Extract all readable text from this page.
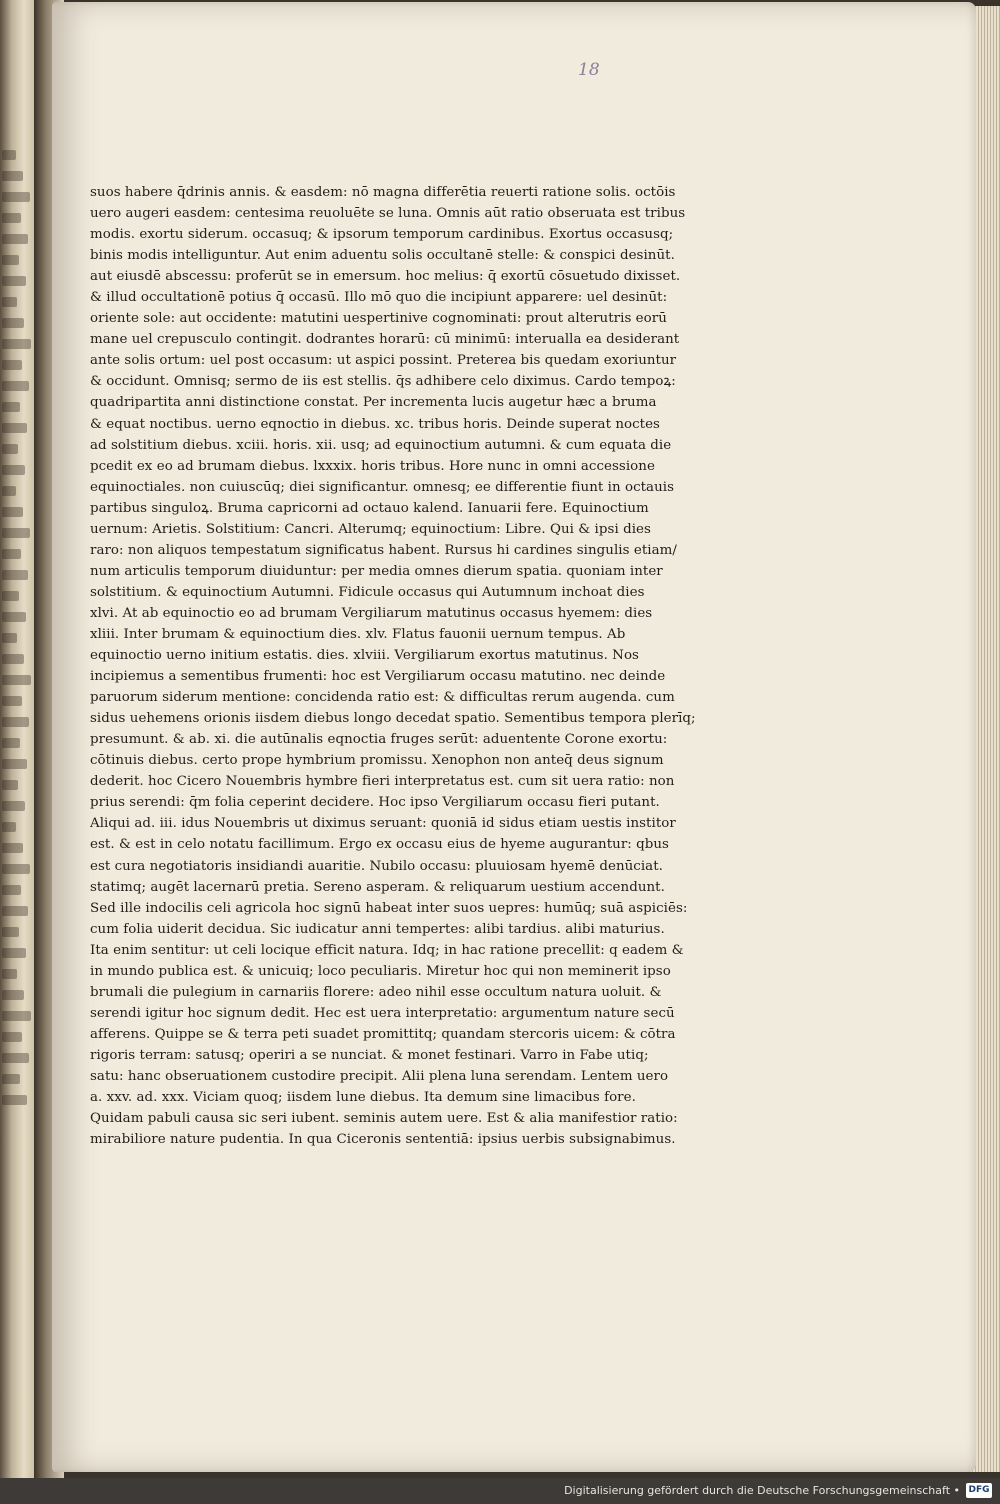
18
suos habere q̄drinis annis. & easdem: nō magna differētia reuerti ratione solis. octōis
uero augeri easdem: centesima reuoluēte se luna. Omnis aūt ratio obseruata est tribus
modis. exortu siderum. occasuq; & ipsorum temporum cardinibus. Exortus occasusq;
binis modis intelliguntur. Aut enim aduentu solis occultanē stelle: & conspici desinūt.
aut eiusdē abscessu: proferūt se in emersum. hoc melius: q̄ exortū cōsuetudo dixisset.
& illud occultationē potius q̄ occasū. Illo mō quo die incipiunt apparere: uel desinūt:
oriente sole: aut occidente: matutini uespertinive cognominati: prout alterutris eorū
mane uel crepusculo contingit. dodrantes horarū: cū minimū: interualla ea desiderant
ante solis ortum: uel post occasum: ut aspici possint. Preterea bis quedam exoriuntur
& occidunt. Omnisq; sermo de iis est stellis. q̄s adhibere celo diximus. Cardo tempoꝝ:
quadripartita anni distinctione constat. Per incrementa lucis augetur hæc a bruma
& equat noctibus. uerno eqnoctio in diebus. xc. tribus horis. Deinde superat noctes
ad solstitium diebus. xciii. horis. xii. usq; ad equinoctium autumni. & cum equata die
pcedit ex eo ad brumam diebus. lxxxix. horis tribus. Hore nunc in omni accessione
equinoctiales. non cuiuscūq; diei significantur. omnesq; ee differentie fiunt in octauis
partibus singuloꝝ. Bruma capricorni ad octauo kalend. Ianuarii fere. Equinoctium
uernum: Arietis. Solstitium: Cancri. Alterumq; equinoctium: Libre. Qui & ipsi dies
raro: non aliquos tempestatum significatus habent. Rursus hi cardines singulis etiam/
num articulis temporum diuiduntur: per media omnes dierum spatia. quoniam inter
solstitium. & equinoctium Autumni. Fidicule occasus qui Autumnum inchoat dies
xlvi. At ab equinoctio eo ad brumam Vergiliarum matutinus occasus hyemem: dies
xliii. Inter brumam & equinoctium dies. xlv. Flatus fauonii uernum tempus. Ab
equinoctio uerno initium estatis. dies. xlviii. Vergiliarum exortus matutinus. Nos
incipiemus a sementibus frumenti: hoc est Vergiliarum occasu matutino. nec deinde
paruorum siderum mentione: concidenda ratio est: & difficultas rerum augenda. cum
sidus uehemens orionis iisdem diebus longo decedat spatio. Sementibus tempora plerīq;
presumunt. & ab. xi. die autūnalis eqnoctia fruges serūt: aduentente Corone exortu:
cōtinuis diebus. certo prope hymbrium promissu. Xenophon non anteq̄ deus signum
dederit. hoc Cicero Nouembris hymbre fieri interpretatus est. cum sit uera ratio: non
prius serendi: q̄m folia ceperint decidere. Hoc ipso Vergiliarum occasu fieri putant.
Aliqui ad. iii. idus Nouembris ut diximus seruant: quoniā id sidus etiam uestis institor
est. & est in celo notatu facillimum. Ergo ex occasu eius de hyeme augurantur: qbus
est cura negotiatoris insidiandi auaritie. Nubilo occasu: pluuiosam hyemē denūciat.
statimq; augēt lacernarū pretia. Sereno asperam. & reliquarum uestium accendunt.
Sed ille indocilis celi agricola hoc signū habeat inter suos uepres: humūq; suā aspiciēs:
cum folia uiderit decidua. Sic iudicatur anni tempertes: alibi tardius. alibi maturius.
Ita enim sentitur: ut celi locique efficit natura. Idq; in hac ratione precellit: q eadem &
in mundo publica est. & unicuiq; loco peculiaris. Miretur hoc qui non meminerit ipso
brumali die pulegium in carnariis florere: adeo nihil esse occultum natura uoluit. &
serendi igitur hoc signum dedit. Hec est uera interpretatio: argumentum nature secū
afferens. Quippe se & terra peti suadet promittitq; quandam stercoris uicem: & cōtra
rigoris terram: satusq; operiri a se nunciat. & monet festinari. Varro in Fabe utiq;
satu: hanc obseruationem custodire precipit. Alii plena luna serendam. Lentem uero
a. xxv. ad. xxx. Viciam quoq; iisdem lune diebus. Ita demum sine limacibus fore.
Quidam pabuli causa sic seri iubent. seminis autem uere. Est & alia manifestior ratio:
mirabiliore nature pudentia. In qua Ciceronis sententiā: ipsius uerbis subsignabimus.
Digitalisierung gefördert durch die Deutsche Forschungsgemeinschaft • DFG
